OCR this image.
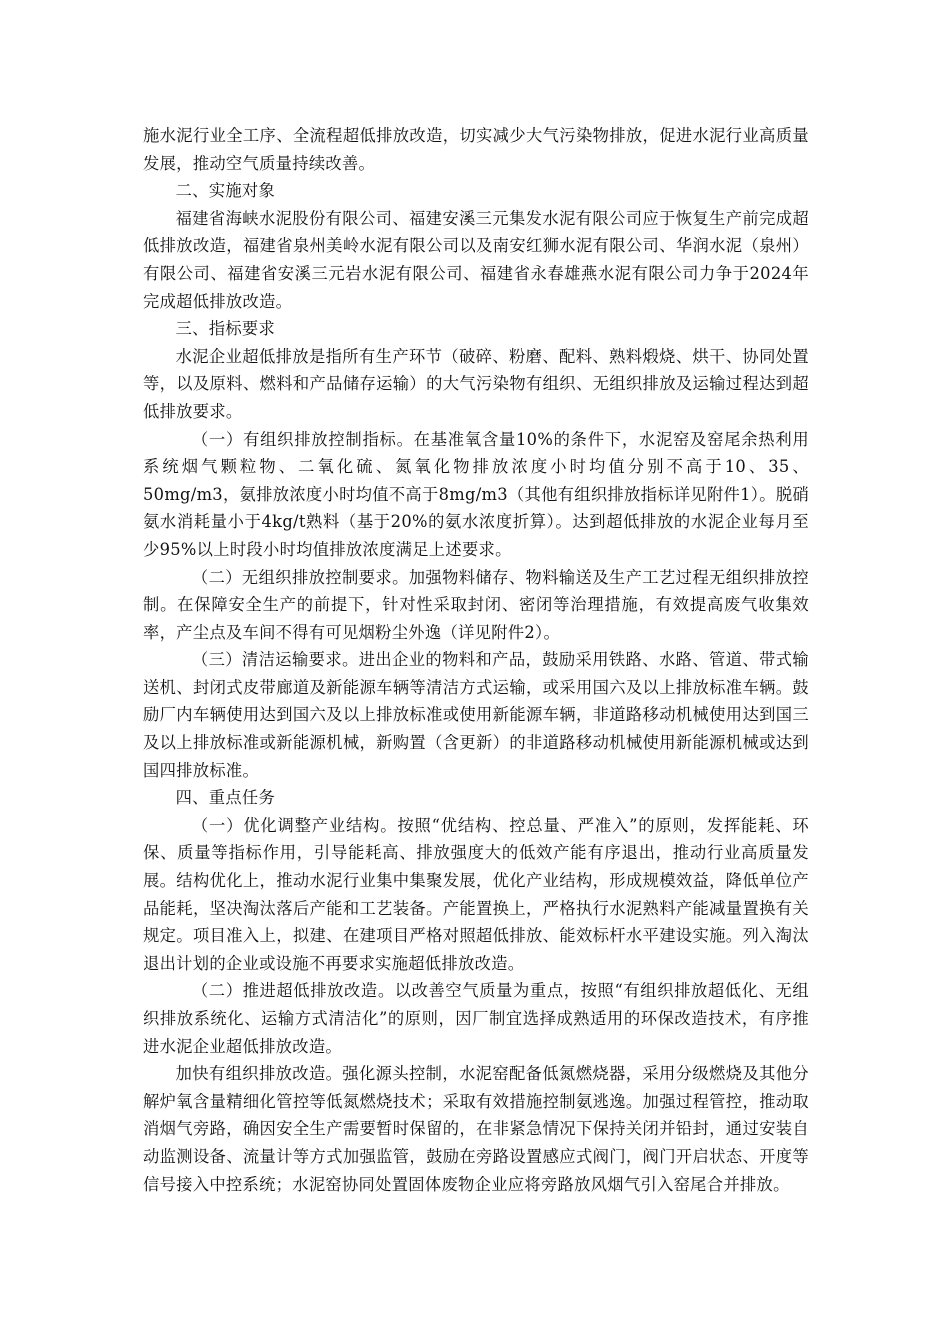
施水泥行业全工序、全流程超低排放改造，切实减少大气污染物排放，促进水泥行业高质量发展，推动空气质量持续改善。

二、实施对象

福建省海峡水泥股份有限公司、福建安溪三元集发水泥有限公司应于恢复生产前完成超低排放改造，福建省泉州美岭水泥有限公司以及南安红狮水泥有限公司、华润水泥（泉州）有限公司、福建省安溪三元岩水泥有限公司、福建省永春雄燕水泥有限公司力争于2024年完成超低排放改造。

三、指标要求

水泥企业超低排放是指所有生产环节（破碎、粉磨、配料、熟料煅烧、烘干、协同处置等，以及原料、燃料和产品储存运输）的大气污染物有组织、无组织排放及运输过程达到超低排放要求。

（一）有组织排放控制指标。在基准氧含量10%的条件下，水泥窑及窑尾余热利用系统烟气颗粒物、二氧化硫、氮氧化物排放浓度小时均值分别不高于10、35、50mg/m3，氨排放浓度小时均值不高于8mg/m3（其他有组织排放指标详见附件1）。脱硝氨水消耗量小于4kg/t熟料（基于20%的氨水浓度折算）。达到超低排放的水泥企业每月至少95%以上时段小时均值排放浓度满足上述要求。

（二）无组织排放控制要求。加强物料储存、物料输送及生产工艺过程无组织排放控制。在保障安全生产的前提下，针对性采取封闭、密闭等治理措施，有效提高废气收集效率，产尘点及车间不得有可见烟粉尘外逸（详见附件2）。

（三）清洁运输要求。进出企业的物料和产品，鼓励采用铁路、水路、管道、带式输送机、封闭式皮带廊道及新能源车辆等清洁方式运输，或采用国六及以上排放标准车辆。鼓励厂内车辆使用达到国六及以上排放标准或使用新能源车辆，非道路移动机械使用达到国三及以上排放标准或新能源机械，新购置（含更新）的非道路移动机械使用新能源机械或达到国四排放标准。

四、重点任务

（一）优化调整产业结构。按照“优结构、控总量、严准入”的原则，发挥能耗、环保、质量等指标作用，引导能耗高、排放强度大的低效产能有序退出，推动行业高质量发展。结构优化上，推动水泥行业集中集聚发展，优化产业结构，形成规模效益，降低单位产品能耗，坚决淘汰落后产能和工艺装备。产能置换上，严格执行水泥熟料产能减量置换有关规定。项目准入上，拟建、在建项目严格对照超低排放、能效标杆水平建设实施。列入淘汰退出计划的企业或设施不再要求实施超低排放改造。

（二）推进超低排放改造。以改善空气质量为重点，按照“有组织排放超低化、无组织排放系统化、运输方式清洁化”的原则，因厂制宜选择成熟适用的环保改造技术，有序推进水泥企业超低排放改造。

加快有组织排放改造。强化源头控制，水泥窑配备低氮燃烧器，采用分级燃烧及其他分解炉氧含量精细化管控等低氮燃烧技术；采取有效措施控制氨逃逸。加强过程管控，推动取消烟气旁路，确因安全生产需要暂时保留的，在非紧急情况下保持关闭并铅封，通过安装自动监测设备、流量计等方式加强监管，鼓励在旁路设置感应式阀门，阀门开启状态、开度等信号接入中控系统；水泥窑协同处置固体废物企业应将旁路放风烟气引入窑尾合并排放。
